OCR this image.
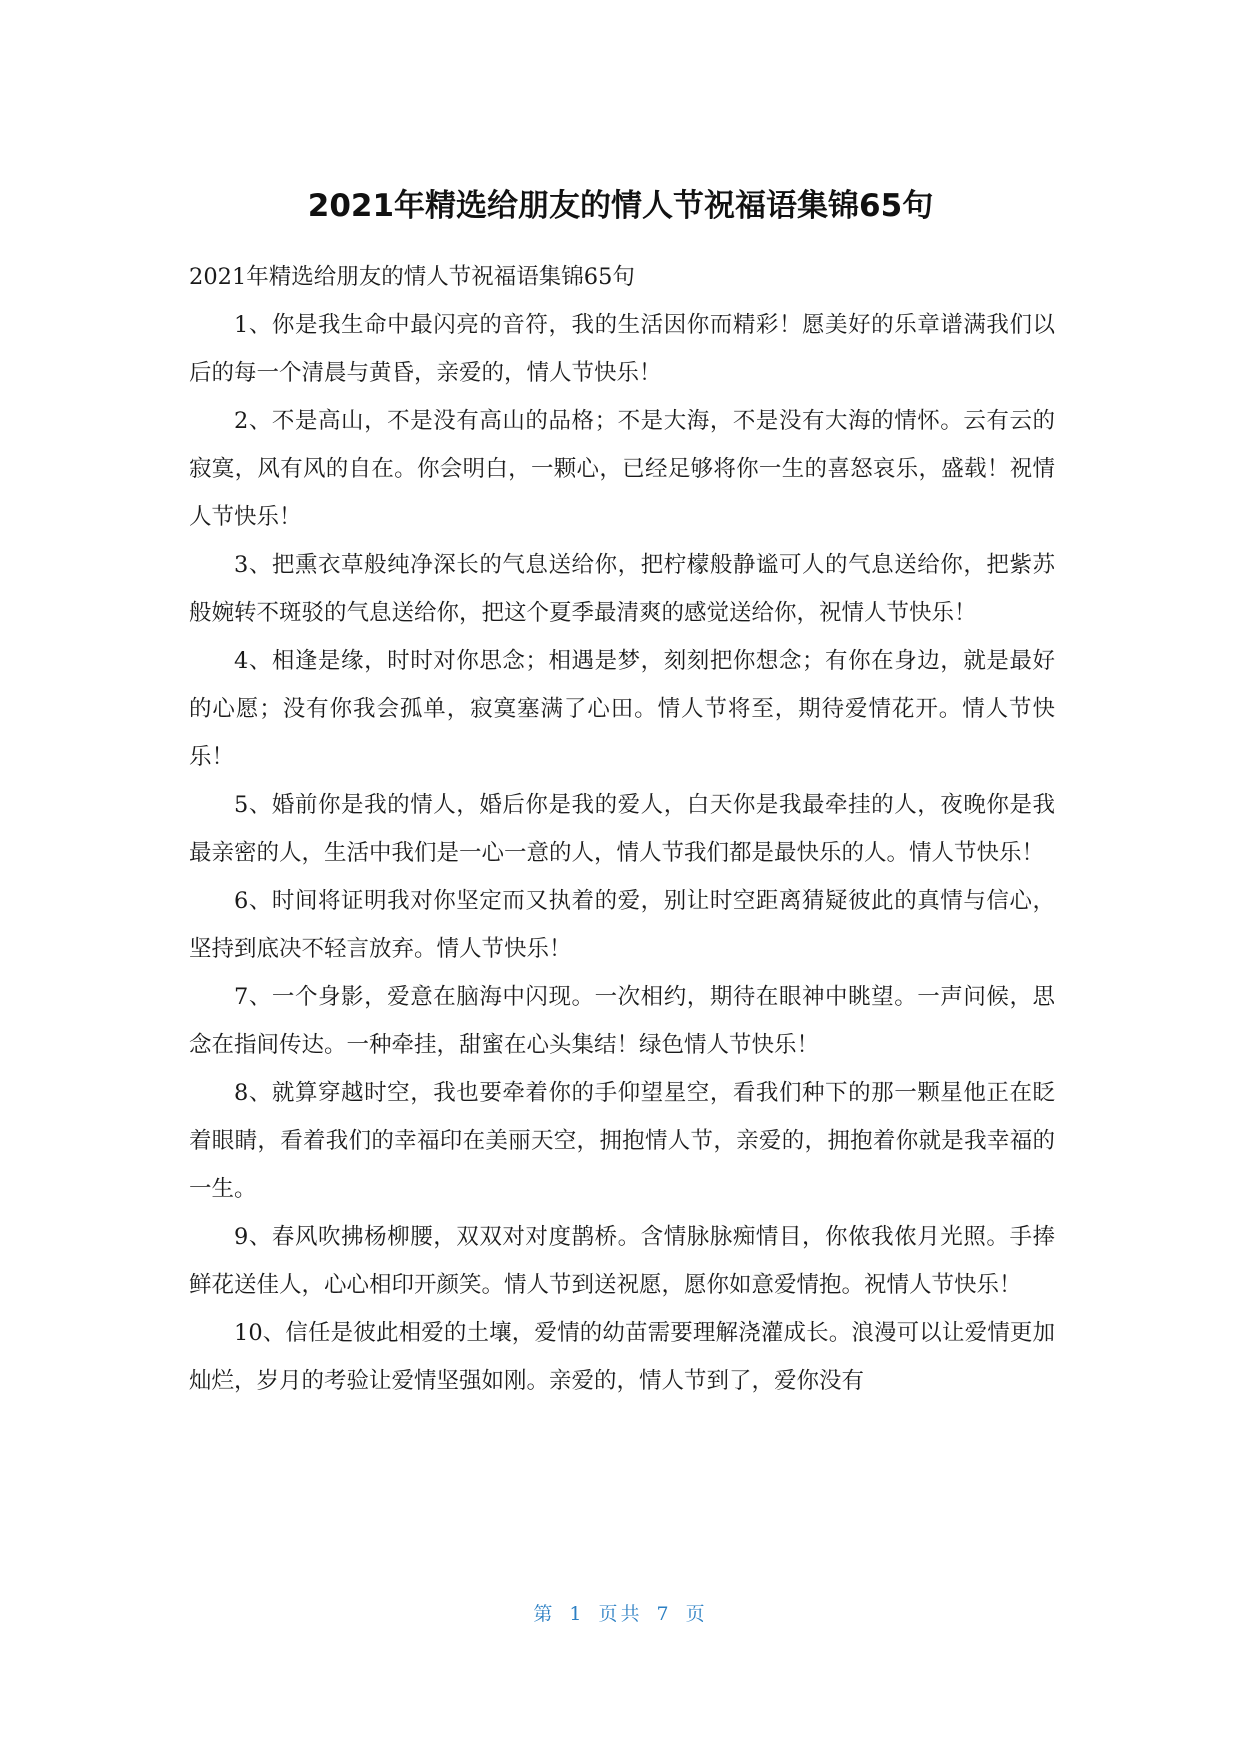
2021年精选给朋友的情人节祝福语集锦65句

2021年精选给朋友的情人节祝福语集锦65句

1、你是我生命中最闪亮的音符，我的生活因你而精彩！愿美好的乐章谱满我们以后的每一个清晨与黄昏，亲爱的，情人节快乐！

2、不是高山，不是没有高山的品格；不是大海，不是没有大海的情怀。云有云的寂寞，风有风的自在。你会明白，一颗心，已经足够将你一生的喜怒哀乐，盛载！祝情人节快乐！

3、把熏衣草般纯净深长的气息送给你，把柠檬般静谧可人的气息送给你，把紫苏般婉转不斑驳的气息送给你，把这个夏季最清爽的感觉送给你，祝情人节快乐！

4、相逢是缘，时时对你思念；相遇是梦，刻刻把你想念；有你在身边，就是最好的心愿；没有你我会孤单，寂寞塞满了心田。情人节将至，期待爱情花开。情人节快乐！

5、婚前你是我的情人，婚后你是我的爱人，白天你是我最牵挂的人，夜晚你是我最亲密的人，生活中我们是一心一意的人，情人节我们都是最快乐的人。情人节快乐！

6、时间将证明我对你坚定而又执着的爱，别让时空距离猜疑彼此的真情与信心，坚持到底决不轻言放弃。情人节快乐！

7、一个身影，爱意在脑海中闪现。一次相约，期待在眼神中眺望。一声问候，思念在指间传达。一种牵挂，甜蜜在心头集结！绿色情人节快乐！

8、就算穿越时空，我也要牵着你的手仰望星空，看我们种下的那一颗星他正在眨着眼睛，看着我们的幸福印在美丽天空，拥抱情人节，亲爱的，拥抱着你就是我幸福的一生。

9、春风吹拂杨柳腰，双双对对度鹊桥。含情脉脉痴情目，你侬我侬月光照。手捧鲜花送佳人，心心相印开颜笑。情人节到送祝愿，愿你如意爱情抱。祝情人节快乐！

10、信任是彼此相爱的土壤，爱情的幼苗需要理解浇灌成长。浪漫可以让爱情更加灿烂，岁月的考验让爱情坚强如刚。亲爱的，情人节到了，爱你没有

第 1 页共 7 页
